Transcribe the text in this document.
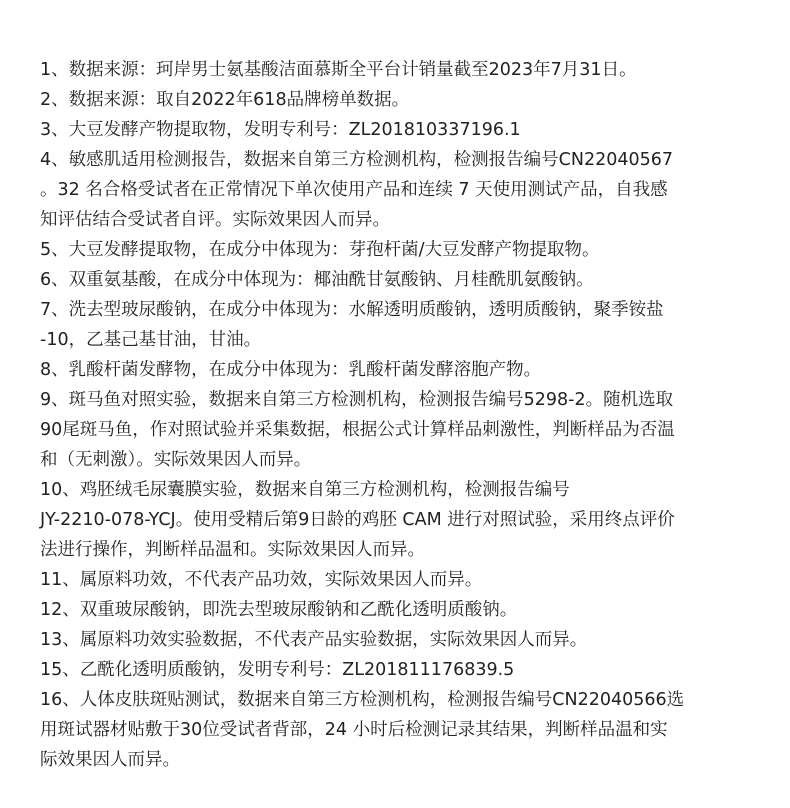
1、数据来源：珂岸男士氨基酸洁面慕斯全平台计销量截至2023年7月31日。
2、数据来源：取自2022年618品牌榜单数据。
3、大豆发酵产物提取物，发明专利号：ZL201810337196.1
4、敏感肌适用检测报告，数据来自第三方检测机构，检测报告编号CN22040567
。32 名合格受试者在正常情况下单次使用产品和连续 7 天使用测试产品，自我感
知评估结合受试者自评。实际效果因人而异。
5、大豆发酵提取物，在成分中体现为：芽孢杆菌/大豆发酵产物提取物。
6、双重氨基酸，在成分中体现为：椰油酰甘氨酸钠、月桂酰肌氨酸钠。
7、洗去型玻尿酸钠，在成分中体现为：水解透明质酸钠，透明质酸钠，聚季铵盐
-10，乙基己基甘油，甘油。
8、乳酸杆菌发酵物，在成分中体现为：乳酸杆菌发酵溶胞产物。
9、斑马鱼对照实验，数据来自第三方检测机构，检测报告编号5298-2。随机选取
90尾斑马鱼，作对照试验并采集数据，根据公式计算样品刺激性，判断样品为否温
和（无刺激）。实际效果因人而异。
10、鸡胚绒毛尿囊膜实验，数据来自第三方检测机构，检测报告编号
JY-2210-078-YCJ。使用受精后第9日龄的鸡胚 CAM 进行对照试验，采用终点评价
法进行操作，判断样品温和。实际效果因人而异。
11、属原料功效，不代表产品功效，实际效果因人而异。
12、双重玻尿酸钠，即洗去型玻尿酸钠和乙酰化透明质酸钠。
13、属原料功效实验数据，不代表产品实验数据，实际效果因人而异。
15、乙酰化透明质酸钠，发明专利号：ZL201811176839.5
16、人体皮肤斑贴测试，数据来自第三方检测机构，检测报告编号CN22040566选
用斑试器材贴敷于30位受试者背部，24 小时后检测记录其结果，判断样品温和实
际效果因人而异。
